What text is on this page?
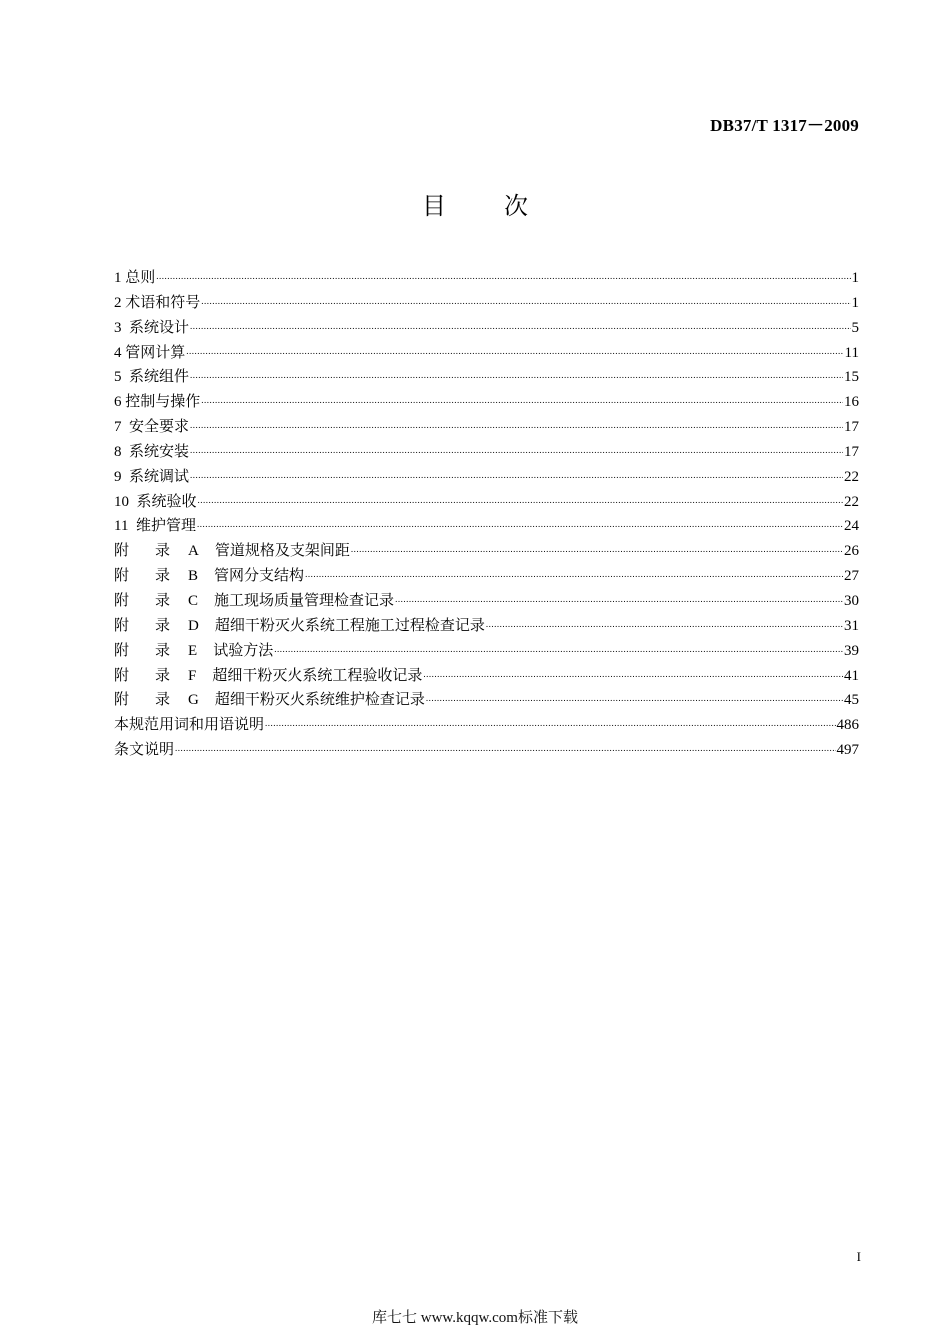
DB37/T 1317－2009
目 次
1 总则 .....	1
2 术语和符号 .....	1
3 系统设计 .....	5
4 管网计算 .....	11
5 系统组件 .....	15
6 控制与操作 .....	16
7 安全要求 .....	17
8 系统安装 .....	17
9 系统调试 .....	22
10 系统验收 .....	22
11 维护管理 .....	24
附 录 A 管道规格及支架间距 .....	26
附 录 B 管网分支结构 .....	27
附 录 C 施工现场质量管理检查记录 .....	30
附 录 D 超细干粉灭火系统工程施工过程检查记录 .....	31
附 录 E 试验方法 .....	39
附 录 F 超细干粉灭火系统工程验收记录 .....	41
附 录 G 超细干粉灭火系统维护检查记录 .....	45
本规范用词和用语说明 .....	486
条文说明 .....	497
I
库七七 www.kqqw.com标准下载
